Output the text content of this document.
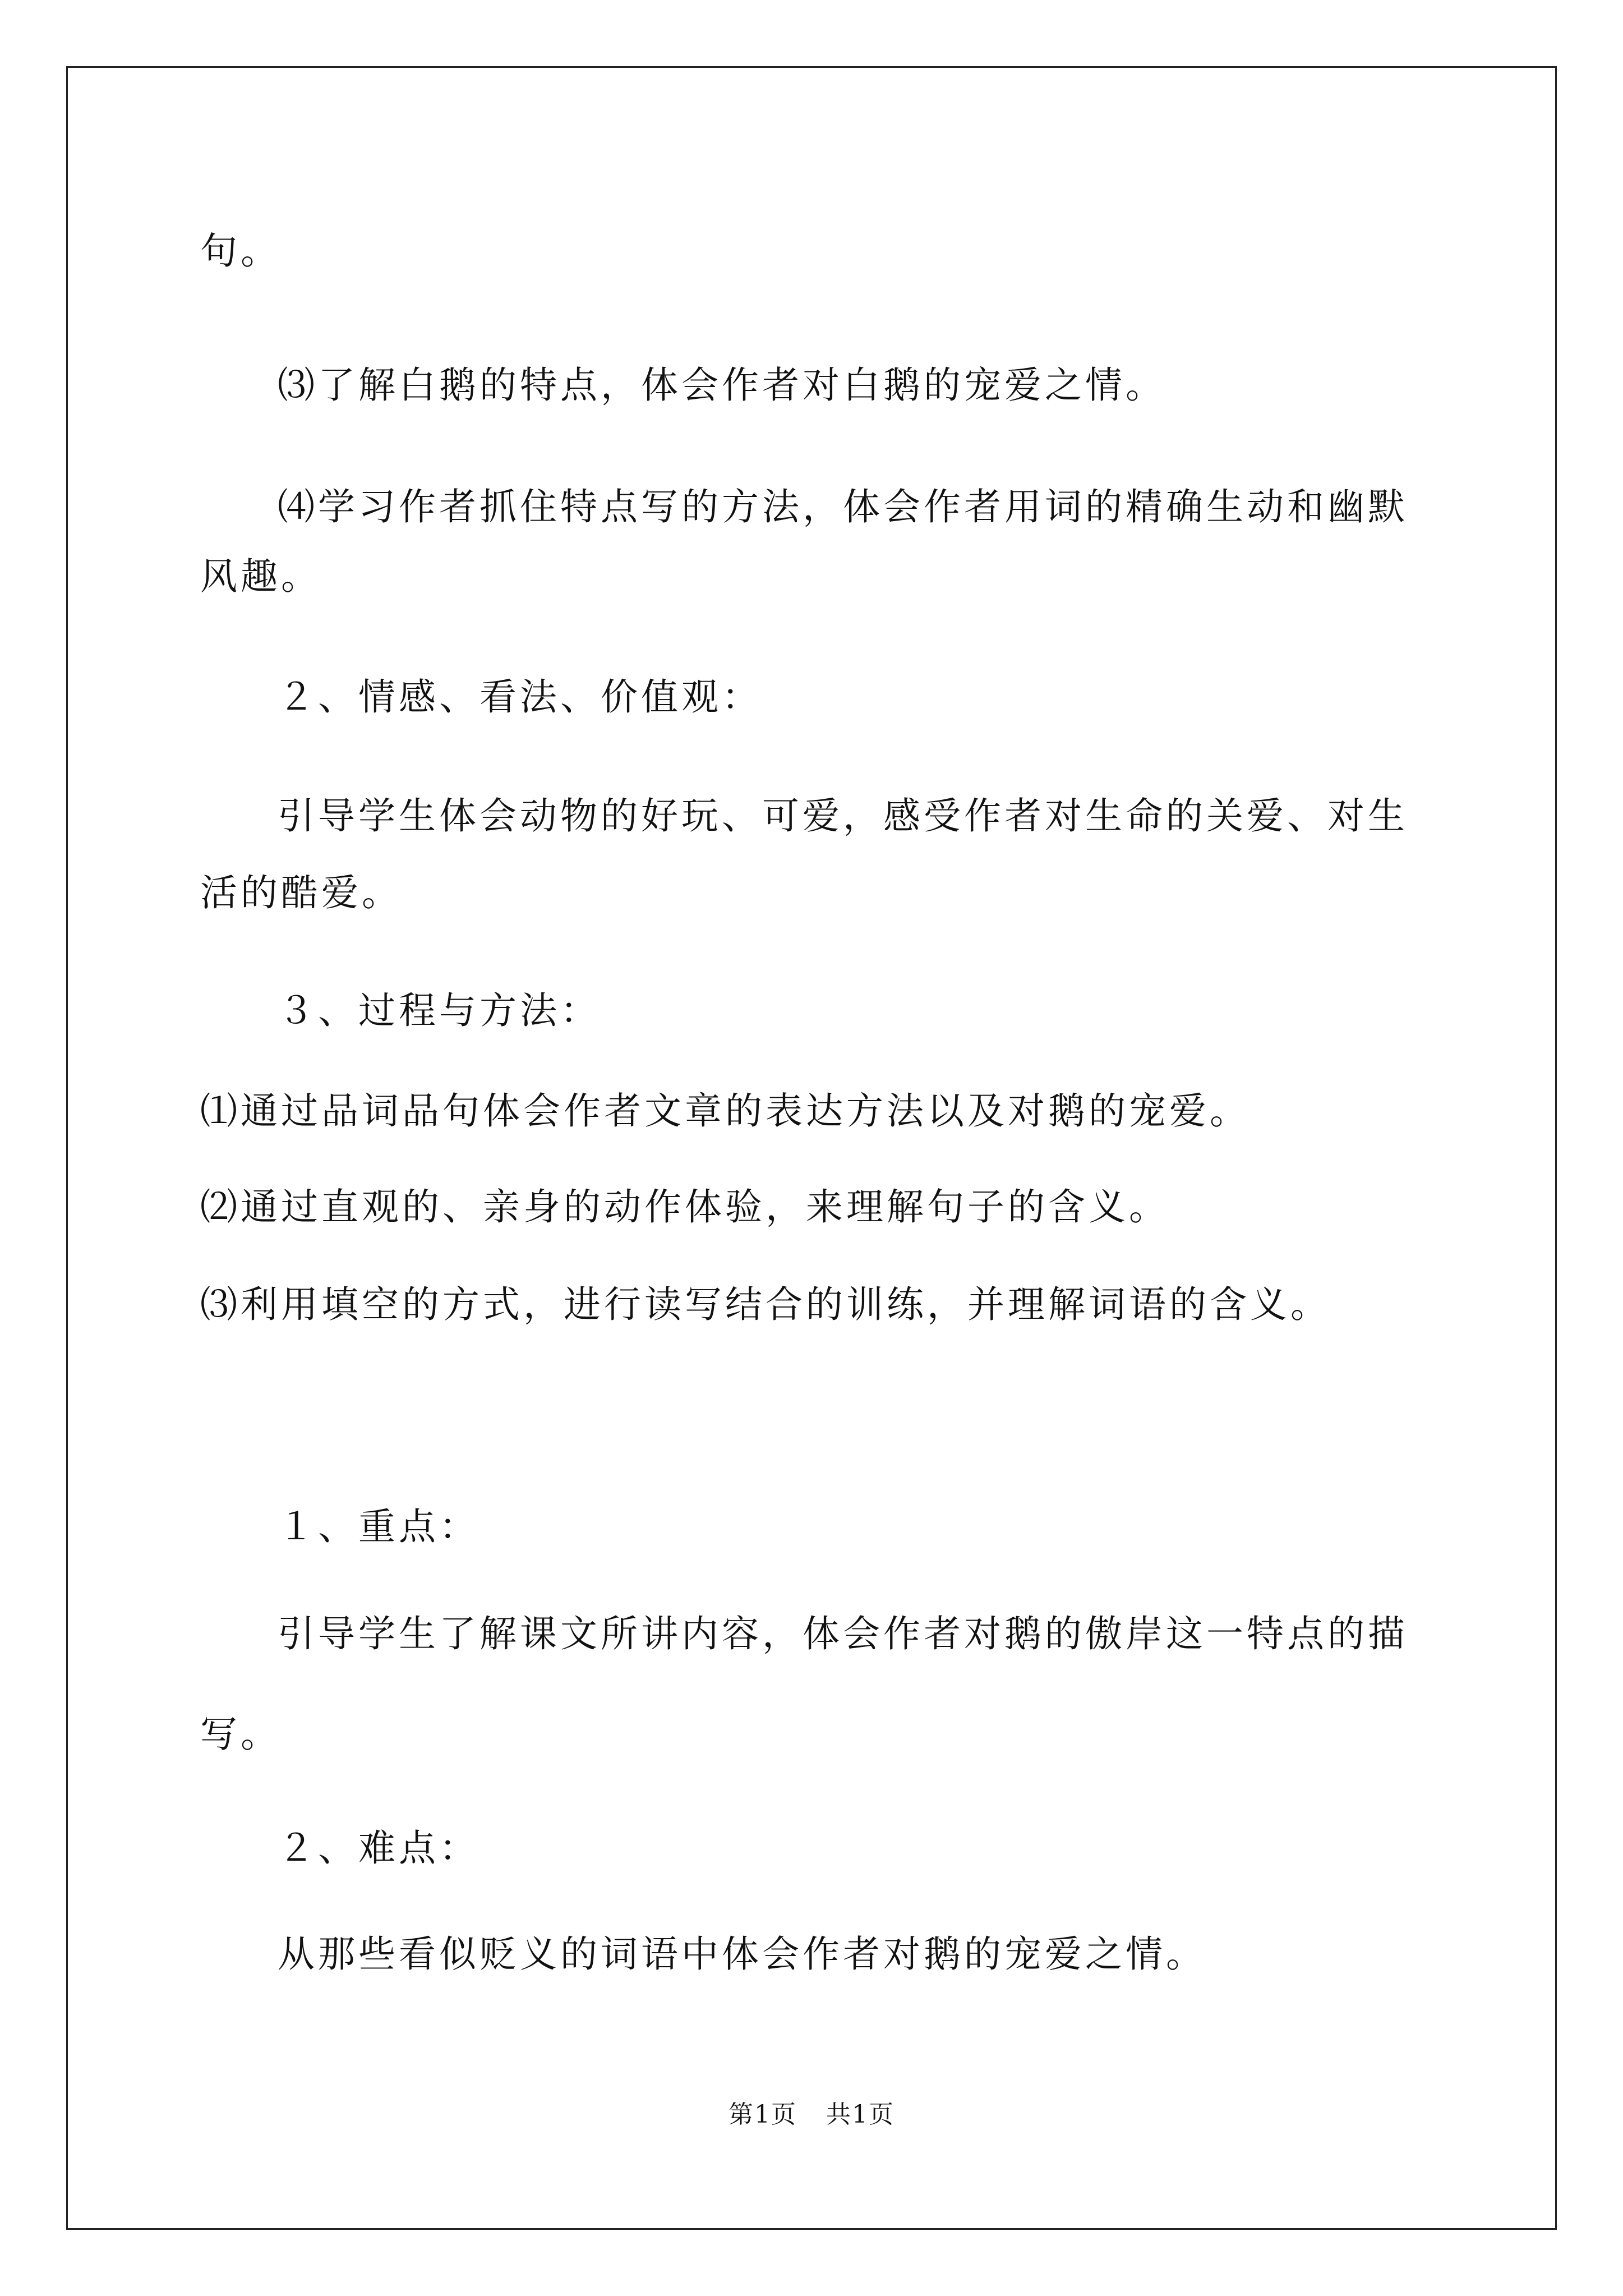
句。
⑶了解白鹅的特点，体会作者对白鹅的宠爱之情。
⑷学习作者抓住特点写的方法，体会作者用词的精确生动和幽默
风趣。
２、情感、看法、价值观：
引导学生体会动物的好玩、可爱，感受作者对生命的关爱、对生
活的酷爱。
３、过程与方法：
⑴通过品词品句体会作者文章的表达方法以及对鹅的宠爱。
⑵通过直观的、亲身的动作体验，来理解句子的含义。
⑶利用填空的方式，进行读写结合的训练，并理解词语的含义。
１、重点：
引导学生了解课文所讲内容，体会作者对鹅的傲岸这一特点的描
写。
２、难点：
从那些看似贬义的词语中体会作者对鹅的宠爱之情。
第1页 共1页
